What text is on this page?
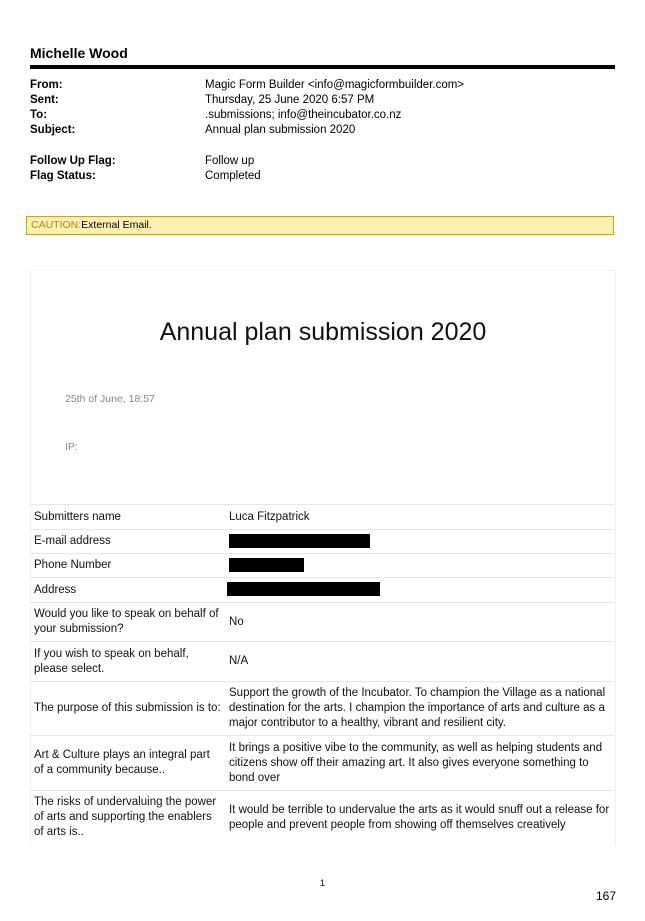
Michelle Wood
From:	Magic Form Builder <info@magicformbuilder.com>
Sent:	Thursday, 25 June 2020 6:57 PM
To:	.submissions; info@theincubator.co.nz
Subject:	Annual plan submission 2020
Follow Up Flag:	Follow up
Flag Status:	Completed
CAUTION:External Email.
Annual plan submission 2020
25th of June, 18:57
IP:
Submitters name	Luca Fitzpatrick
E-mail address	
Phone Number	
Address	
Would you like to speak on behalf of your submission?	No
If you wish to speak on behalf, please select.	N/A
The purpose of this submission is to:	Support the growth of the Incubator. To champion the Village as a national destination for the arts. I champion the importance of arts and culture as a major contributor to a healthy, vibrant and resilient city.
Art & Culture plays an integral part of a community because..	It brings a positive vibe to the community, as well as helping students and citizens show off their amazing art. It also gives everyone something to bond over
The risks of undervaluing the power of arts and supporting the enablers of arts is..	It would be terrible to undervalue the arts as it would snuff out a release for people and prevent people from showing off themselves creatively
1
167
